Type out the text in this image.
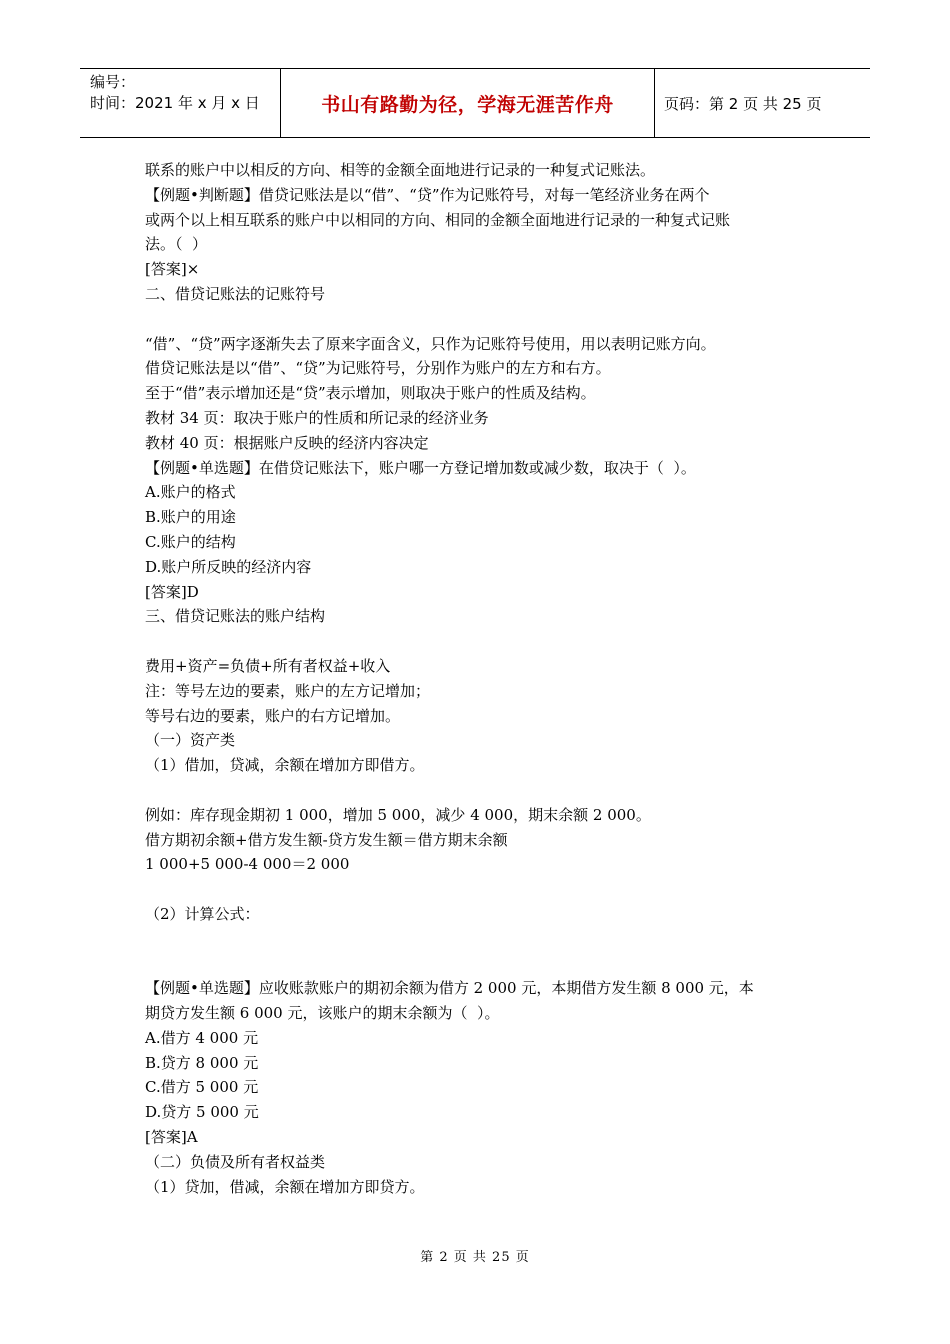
编号：
时间：2021 年 x 月 x 日	书山有路勤为径，学海无涯苦作舟	页码：第 2 页 共 25 页
联系的账户中以相反的方向、相等的金额全面地进行记录的一种复式记账法。
【例题•判断题】借贷记账法是以“借”、“贷”作为记账符号，对每一笔经济业务在两个
或两个以上相互联系的账户中以相同的方向、相同的金额全面地进行记录的一种复式记账
法。（  ）
[答案]×
二、借贷记账法的记账符号
“借”、“贷”两字逐渐失去了原来字面含义，只作为记账符号使用，用以表明记账方向。
借贷记账法是以“借”、“贷”为记账符号，分别作为账户的左方和右方。
至于“借”表示增加还是“贷”表示增加，则取决于账户的性质及结构。
教材 34 页：取决于账户的性质和所记录的经济业务
教材 40 页：根据账户反映的经济内容决定
【例题•单选题】在借贷记账法下，账户哪一方登记增加数或减少数，取决于（  ）。
A.账户的格式
B.账户的用途
C.账户的结构
D.账户所反映的经济内容
[答案]D
三、借贷记账法的账户结构
费用+资产=负债+所有者权益+收入
注：等号左边的要素，账户的左方记增加；
等号右边的要素，账户的右方记增加。
（一）资产类
（1）借加，贷减，余额在增加方即借方。
例如：库存现金期初 1 000，增加 5 000，减少 4 000，期末余额 2 000。
借方期初余额+借方发生额-贷方发生额＝借方期末余额
1 000+5 000-4 000＝2 000
（2）计算公式：
【例题•单选题】应收账款账户的期初余额为借方 2 000 元，本期借方发生额 8 000 元，本
期贷方发生额 6 000 元，该账户的期末余额为（  ）。
A.借方 4 000 元
B.贷方 8 000 元
C.借方 5 000 元
D.贷方 5 000 元
[答案]A
（二）负债及所有者权益类
（1）贷加，借减，余额在增加方即贷方。
第 2 页 共 25 页
